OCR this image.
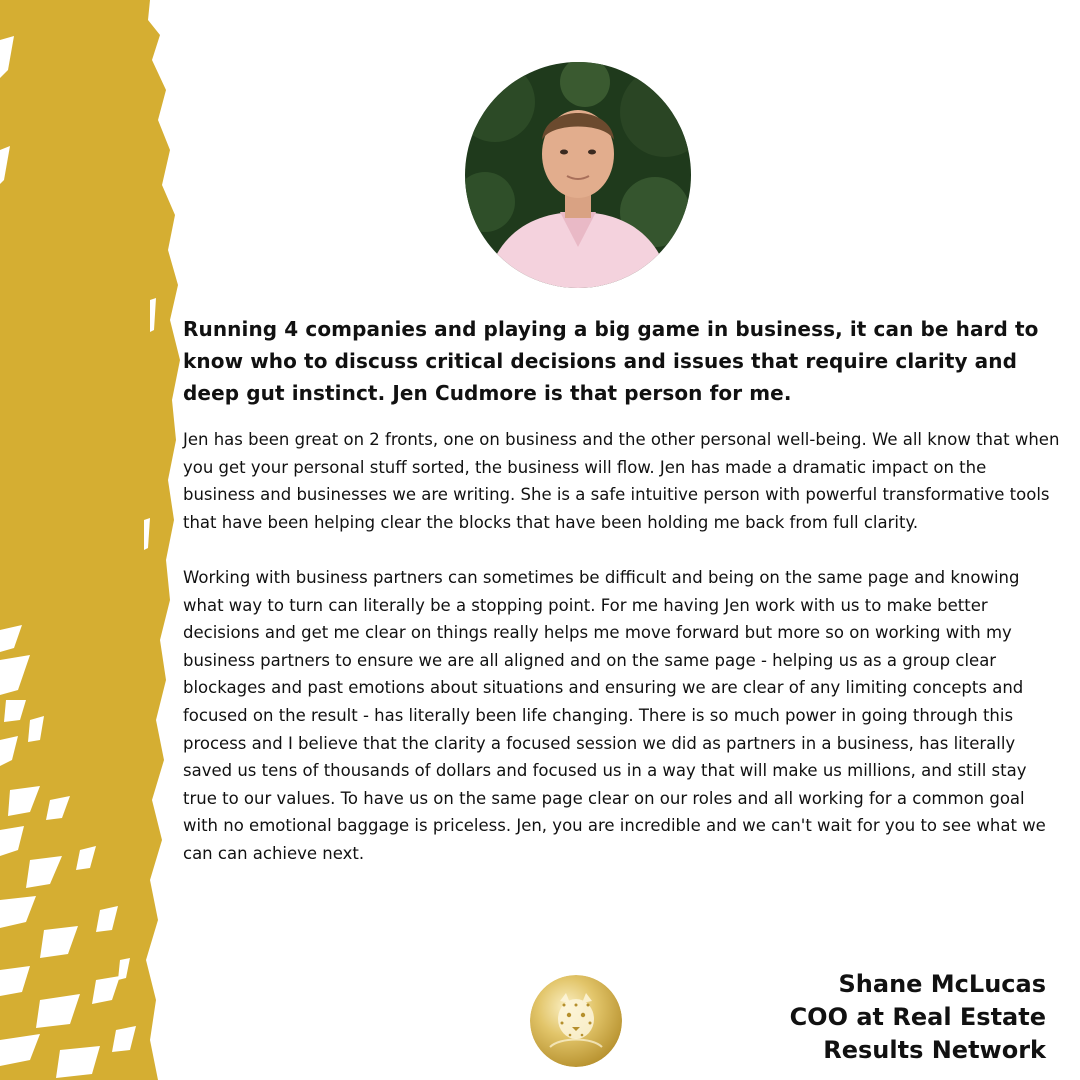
Running 4 companies and playing a big game in business, it can be hard to know who to discuss critical decisions and issues that require clarity and deep gut instinct. Jen Cudmore is that person for me.

Jen has been great on 2 fronts, one on business and the other personal well-being. We all know that when you get your personal stuff sorted, the business will flow. Jen has made a dramatic impact on the business and businesses we are writing. She is a safe intuitive person with powerful transformative tools that have been helping clear the blocks that have been holding me back from full clarity.

Working with business partners can sometimes be difficult and being on the same page and knowing what way to turn can literally be a stopping point. For me having Jen work with us to make better decisions and get me clear on things really helps me move forward but more so on working with my business partners to ensure we are all aligned and on the same page - helping us as a group clear blockages and past emotions about situations and ensuring we are clear of any limiting concepts and focused on the result - has literally been life changing. There is so much power in going through this process and I believe that the clarity a focused session we did as partners in a business, has literally saved us tens of thousands of dollars and focused us in a way that will make us millions, and still stay true to our values. To have us on the same page clear on our roles and all working for a common goal with no emotional baggage is priceless. Jen, you are incredible and we can't wait for you to see what we can can achieve next.

Shane McLucas
COO at Real Estate
Results Network
